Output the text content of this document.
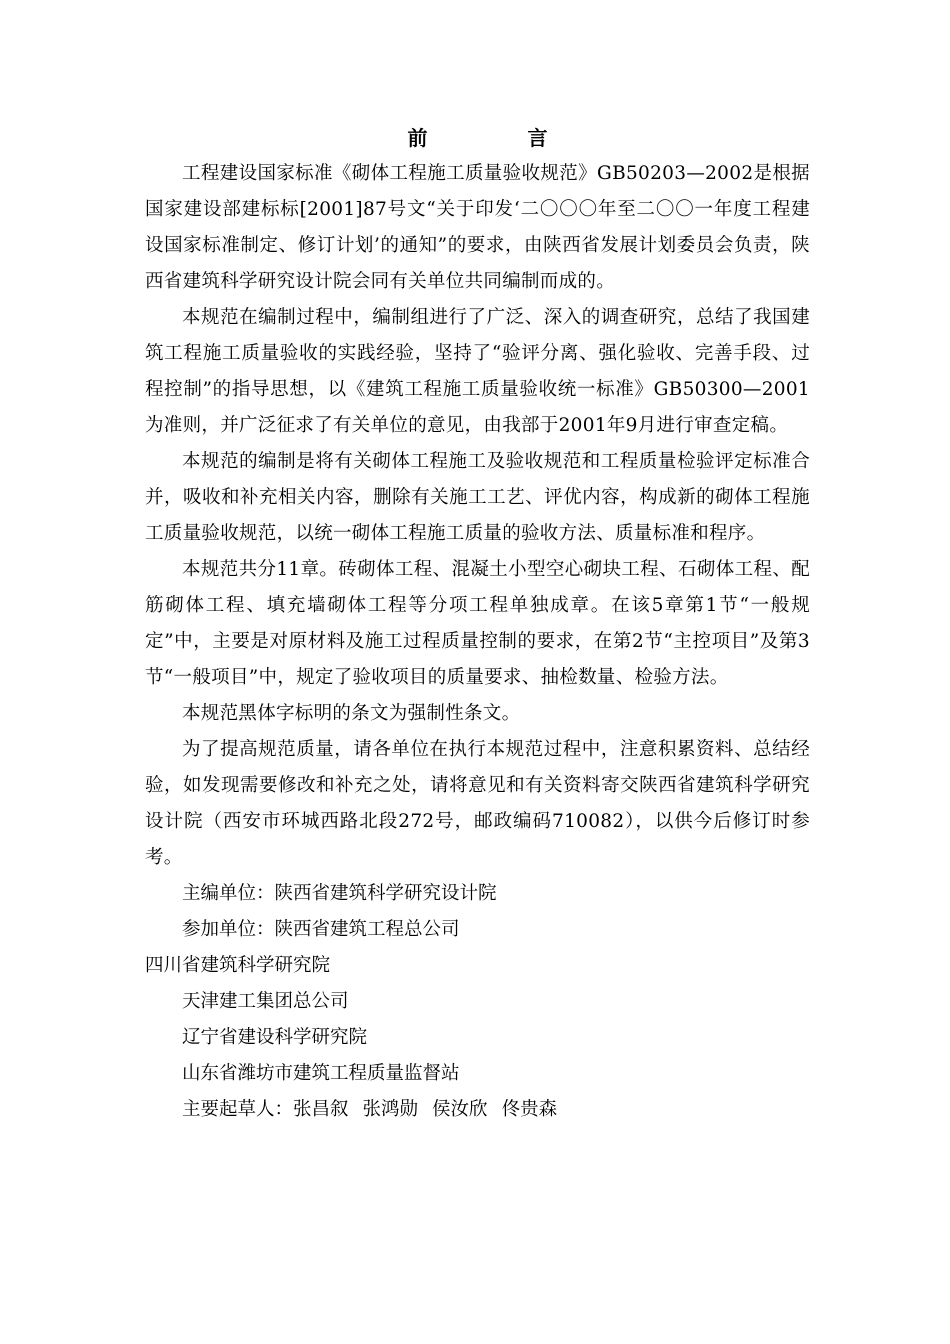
前　言

工程建设国家标准《砌体工程施工质量验收规范》GB50203—2002是根据国家建设部建标标[2001]87号文“关于印发‘二〇〇〇年至二〇〇一年度工程建设国家标准制定、修订计划’的通知”的要求，由陕西省发展计划委员会负责，陕西省建筑科学研究设计院会同有关单位共同编制而成的。

本规范在编制过程中，编制组进行了广泛、深入的调查研究，总结了我国建筑工程施工质量验收的实践经验，坚持了“验评分离、强化验收、完善手段、过程控制”的指导思想，以《建筑工程施工质量验收统一标准》GB50300—2001为准则，并广泛征求了有关单位的意见，由我部于2001年9月进行审查定稿。

本规范的编制是将有关砌体工程施工及验收规范和工程质量检验评定标准合并，吸收和补充相关内容，删除有关施工工艺、评优内容，构成新的砌体工程施工质量验收规范，以统一砌体工程施工质量的验收方法、质量标准和程序。

本规范共分11章。砖砌体工程、混凝土小型空心砌块工程、石砌体工程、配筋砌体工程、填充墙砌体工程等分项工程单独成章。在该5章第1节“一般规定”中，主要是对原材料及施工过程质量控制的要求，在第2节“主控项目”及第3节“一般项目”中，规定了验收项目的质量要求、抽检数量、检验方法。

本规范黑体字标明的条文为强制性条文。

为了提高规范质量，请各单位在执行本规范过程中，注意积累资料、总结经验，如发现需要修改和补充之处，请将意见和有关资料寄交陕西省建筑科学研究设计院（西安市环城西路北段272号，邮政编码710082），以供今后修订时参考。

主编单位：陕西省建筑科学研究设计院

参加单位：陕西省建筑工程总公司

四川省建筑科学研究院

天津建工集团总公司

辽宁省建设科学研究院

山东省潍坊市建筑工程质量监督站

主要起草人：张昌叙 张鸿勋 侯汝欣 佟贵森
